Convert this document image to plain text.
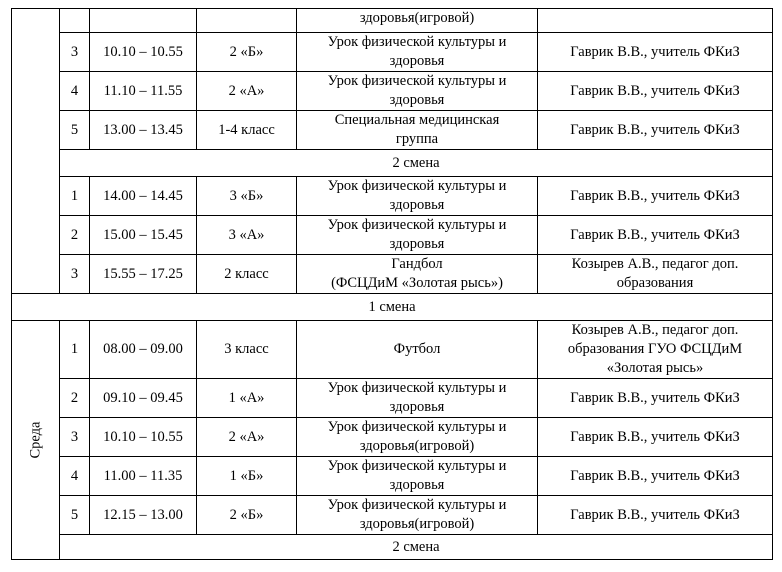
				здоровья(игровой)	
	3	10.10 – 10.55	2 «Б»	Урок физической культуры и
здоровья	Гаврик В.В., учитель ФКиЗ
	4	11.10 – 11.55	2 «А»	Урок физической культуры и
здоровья	Гаврик В.В., учитель ФКиЗ
	5	13.00 – 13.45	1-4 класс	Специальная медицинская
группа	Гаврик В.В., учитель ФКиЗ
	2 смена				
	1	14.00 – 14.45	3 «Б»	Урок физической культуры и
здоровья	Гаврик В.В., учитель ФКиЗ
	2	15.00 – 15.45	3 «А»	Урок физической культуры и
здоровья	Гаврик В.В., учитель ФКиЗ
	3	15.55 – 17.25	2 класс	Гандбол
(ФСЦДиМ «Золотая рысь»)	Козырев А.В., педагог доп.
образования
1 смена					

Среда	1	08.00 – 09.00	3 класс	Футбол	Козырев А.В., педагог доп.
образования ГУО ФСЦДиМ
«Золотая рысь»
	2	09.10 – 09.45	1 «А»	Урок физической культуры и
здоровья	Гаврик В.В., учитель ФКиЗ
	3	10.10 – 10.55	2 «А»	Урок физической культуры и
здоровья(игровой)	Гаврик В.В., учитель ФКиЗ
	4	11.00 – 11.35	1 «Б»	Урок физической культуры и
здоровья	Гаврик В.В., учитель ФКиЗ
	5	12.15 – 13.00	2 «Б»	Урок физической культуры и
здоровья(игровой)	Гаврик В.В., учитель ФКиЗ
	2 смена				
